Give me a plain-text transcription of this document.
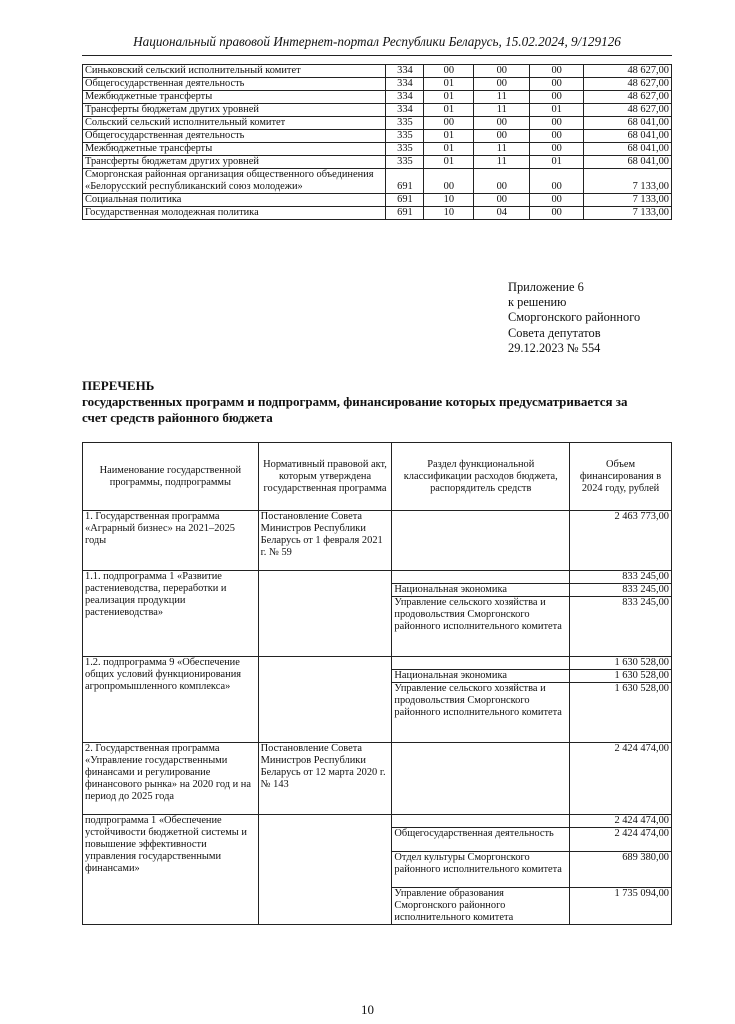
Национальный правовой Интернет-портал Республики Беларусь, 15.02.2024, 9/129126
Синьковский сельский исполнительный комитет	334	00	00	00	48 627,00
Общегосударственная деятельность	334	01	00	00	48 627,00
Межбюджетные трансферты	334	01	11	00	48 627,00
Трансферты бюджетам других уровней	334	01	11	01	48 627,00
Сольский сельский исполнительный комитет	335	00	00	00	68 041,00
Общегосударственная деятельность	335	01	00	00	68 041,00
Межбюджетные трансферты	335	01	11	00	68 041,00
Трансферты бюджетам других уровней	335	01	11	01	68 041,00
Сморгонская районная организация общественного объединения «Белорусский республиканский союз молодежи»	691	00	00	00	7 133,00
Социальная политика	691	10	00	00	7 133,00
Государственная молодежная политика	691	10	04	00	7 133,00
Приложение 6
к решению
Сморгонского районного
Совета депутатов
29.12.2023 № 554
ПЕРЕЧЕНЬ
государственных программ и подпрограмм, финансирование которых предусматривается за счет средств районного бюджета
Наименование государственной программы, подпрограммы	Нормативный правовой акт, которым утверждена государственная программа	Раздел функциональной классификации расходов бюджета, распорядитель средств	Объем финансирования в 2024 году, рублей
1. Государственная программа «Аграрный бизнес» на 2021–2025 годы	Постановление Совета Министров Республики Беларусь от 1 февраля 2021 г. № 59		2 463 773,00
1.1. подпрограмма 1 «Развитие растениеводства, переработки и реализация продукции растениеводства»			833 245,00
		Национальная экономика	833 245,00
		Управление сельского хозяйства и продовольствия Сморгонского районного исполнительного комитета	833 245,00
1.2. подпрограмма 9 «Обеспечение общих условий функционирования агропромышленного комплекса»			1 630 528,00
		Национальная экономика	1 630 528,00
		Управление сельского хозяйства и продовольствия Сморгонского районного исполнительного комитета	1 630 528,00
2. Государственная программа «Управление государственными финансами и регулирование финансового рынка» на 2020 год и на период до 2025 года	Постановление Совета Министров Республики Беларусь от 12 марта 2020 г. № 143		2 424 474,00
подпрограмма 1 «Обеспечение устойчивости бюджетной системы и повышение эффективности управления государственными финансами»			2 424 474,00
		Общегосударственная деятельность	2 424 474,00
		Отдел культуры Сморгонского районного исполнительного комитета	689 380,00
		Управление образования Сморгонского районного исполнительного комитета	1 735 094,00
10
